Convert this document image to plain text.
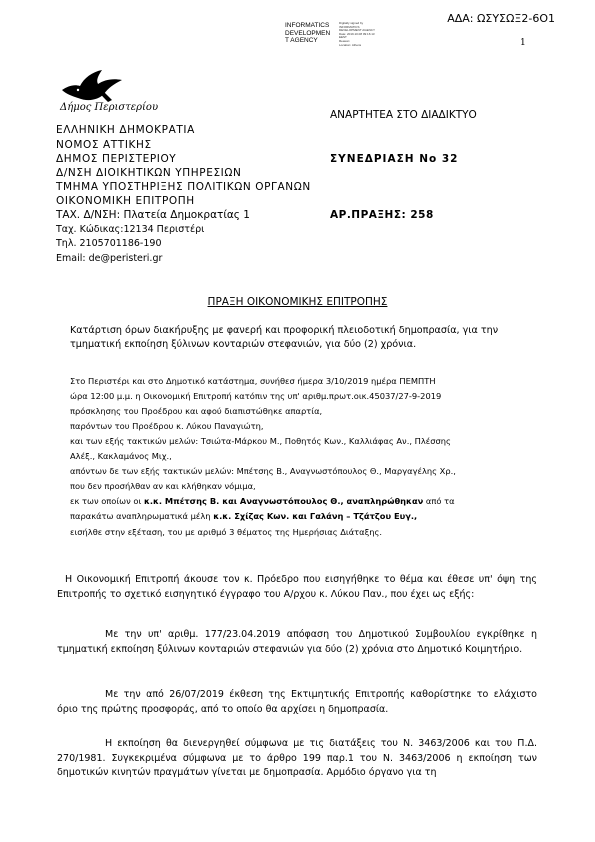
ΑΔΑ: ΩΣΥΣΩΞ2-6Ο1
INFORMATICS
DEVELOPMEN
T AGENCY
Digitally signed by
INFORMATICS
DEVELOPMENT AGENCY
Date: 2019.10.08 09:16:13
EEST
Reason:
Location: Athens	1
Δήμος Περιστερίου
ΕΛΛΗΝΙΚΗ ΔΗΜΟΚΡΑΤΙΑ
ΝΟΜΟΣ ΑΤΤΙΚΗΣ
ΔΗΜΟΣ ΠΕΡΙΣΤΕΡΙΟΥ
Δ/ΝΣΗ ΔΙΟΙΚΗΤΙΚΩΝ ΥΠΗΡΕΣΙΩΝ
ΤΜΗΜΑ ΥΠΟΣΤΗΡΙΞΗΣ ΠΟΛΙΤΙΚΩΝ ΟΡΓΑΝΩΝ
ΟΙΚΟΝΟΜΙΚΗ ΕΠΙΤΡΟΠΗ
ΤΑΧ. Δ/ΝΣΗ: Πλατεία Δημοκρατίας 1
Ταχ. Κώδικας:12134 Περιστέρι
Τηλ. 2105701186-190
Email: de@peristeri.gr
ΑΝΑΡΤΗΤΕΑ ΣΤΟ ΔΙΑΔΙΚΤΥΟ
ΣΥΝΕΔΡΙΑΣΗ Νο 32
ΑΡ.ΠΡΑΞΗΣ: 258
ΠΡΑΞΗ ΟΙΚΟΝΟΜΙΚΗΣ ΕΠΙΤΡΟΠΗΣ
Κατάρτιση όρων διακήρυξης με φανερή και προφορική πλειοδοτική δημοπρασία, για την τμηματική εκποίηση ξύλινων κονταριών στεφανιών, για δύο (2) χρόνια.
Στο Περιστέρι και στο Δημοτικό κατάστημα, συνήθεσ ήμερα 3/10/2019 ημέρα ΠΕΜΠΤΗ
ώρα 12:00 μ.μ. η Οικονομική Επιτροπή κατόπιν της υπ' αριθμ.πρωτ.οικ.45037/27-9-2019
πρόσκλησης του Προέδρου και αφού διαπιστώθηκε απαρτία,
παρόντων του Προέδρου κ. Λύκου Παναγιώτη,
και των εξής τακτικών μελών: Τσιώτα-Μάρκου Μ., Ποθητός Κων., Καλλιάφας Αν., Πλέσσης
Αλέξ., Κακλαμάνος Μιχ.,
απόντων δε των εξής τακτικών μελών: Μπέτσης Β., Αναγνωστόπουλος Θ., Μαργαγέλης Χρ.,
που δεν προσήλθαν αν και κλήθηκαν νόμιμα,
εκ των οποίων οι κ.κ. Μπέτσης Β. και Αναγνωστόπουλος Θ., αναπληρώθηκαν από τα
παρακάτω αναπληρωματικά μέλη κ.κ. Σχίζας Κων. και Γαλάνη – Τζάτζου Ευγ.,
εισήλθε στην εξέταση, του με αριθμό 3 θέματος της Ημερήσιας Διάταξης.
Η Οικονομική Επιτροπή άκουσε τον κ. Πρόεδρο που εισηγήθηκε το θέμα και έθεσε υπ' όψη της Επιτροπής το σχετικό εισηγητικό έγγραφο του Α/ρχου κ. Λύκου Παν., που έχει ως εξής:
Με την υπ' αριθμ. 177/23.04.2019 απόφαση του Δημοτικού Συμβουλίου εγκρίθηκε η τμηματική εκποίηση ξύλινων κονταριών στεφανιών για δύο (2) χρόνια στο Δημοτικό Κοιμητήριο.
Με την από 26/07/2019 έκθεση της Εκτιμητικής Επιτροπής καθορίστηκε το ελάχιστο όριο της πρώτης προσφοράς, από το οποίο θα αρχίσει η δημοπρασία.
Η εκποίηση θα διενεργηθεί σύμφωνα με τις διατάξεις του Ν. 3463/2006 και του Π.Δ. 270/1981. Συγκεκριμένα σύμφωνα με το άρθρο 199 παρ.1 του Ν. 3463/2006 η εκποίηση των δημοτικών κινητών πραγμάτων γίνεται με δημοπρασία. Αρμόδιο όργανο για τη
